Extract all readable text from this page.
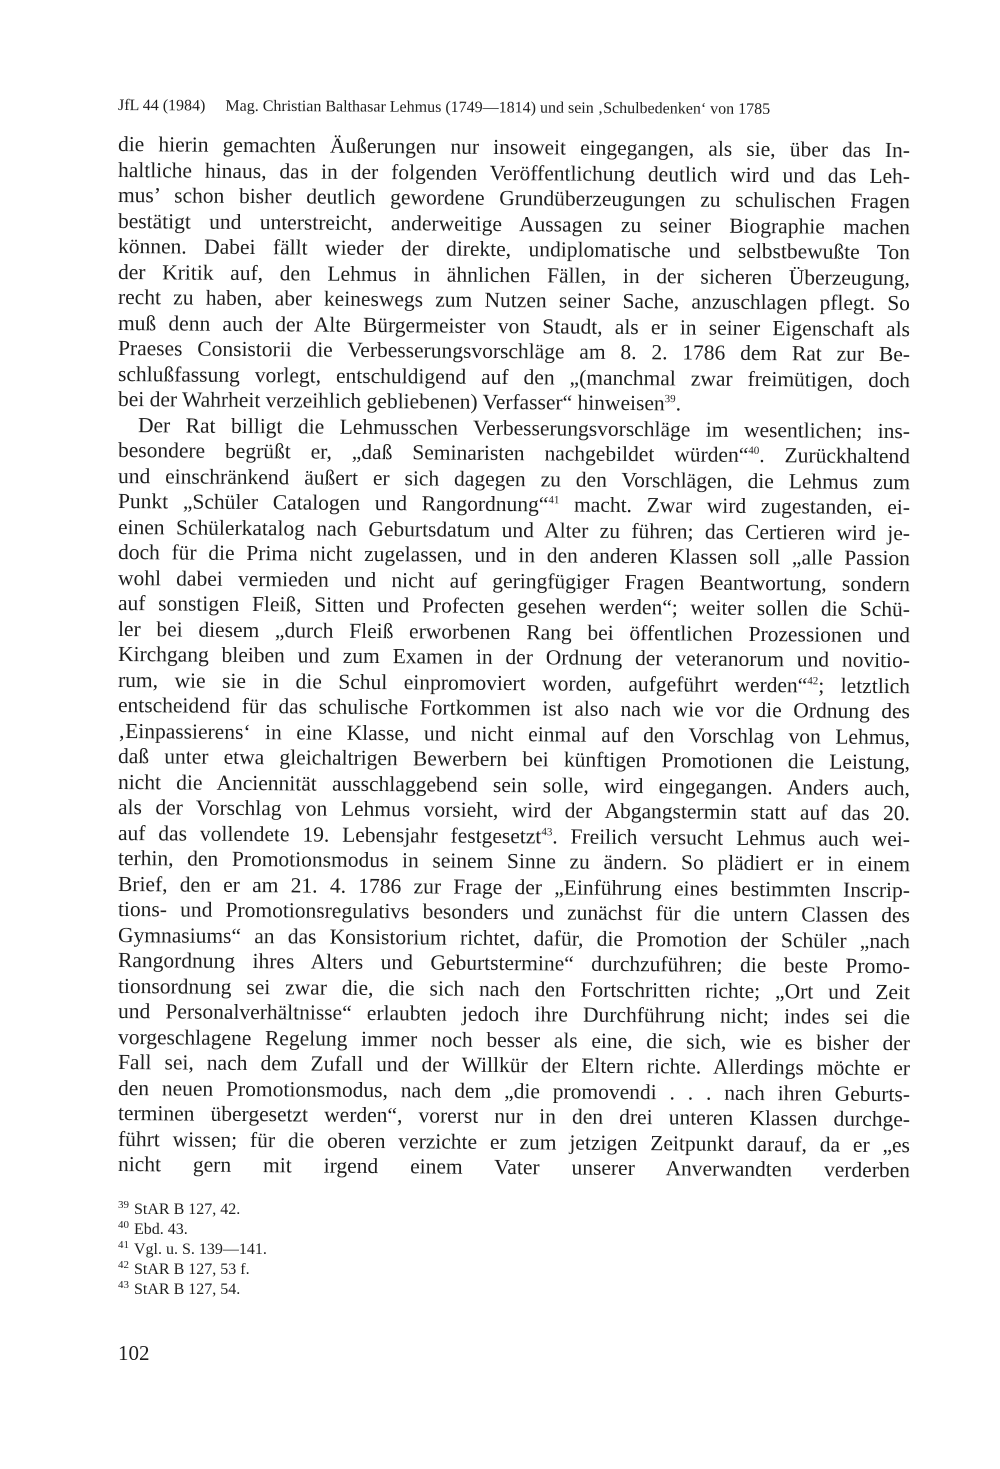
JfL 44 (1984) Mag. Christian Balthasar Lehmus (1749—1814) und sein ‚Schulbedenken‘ von 1785
die hierin gemachten Äußerungen nur insoweit eingegangen, als sie, über das In-
haltliche hinaus, das in der folgenden Veröffentlichung deutlich wird und das Leh-
mus’ schon bisher deutlich gewordene Grundüberzeugungen zu schulischen Fragen
bestätigt und unterstreicht, anderweitige Aussagen zu seiner Biographie machen
können. Dabei fällt wieder der direkte, undiplomatische und selbstbewußte Ton
der Kritik auf, den Lehmus in ähnlichen Fällen, in der sicheren Überzeugung,
recht zu haben, aber keineswegs zum Nutzen seiner Sache, anzuschlagen pflegt. So
muß denn auch der Alte Bürgermeister von Staudt, als er in seiner Eigenschaft als
Praeses Consistorii die Verbesserungsvorschläge am 8. 2. 1786 dem Rat zur Be-
schlußfassung vorlegt, entschuldigend auf den „(manchmal zwar freimütigen, doch
bei der Wahrheit verzeihlich gebliebenen) Verfasser“ hinweisen$^{39}$.
Der Rat billigt die Lehmusschen Verbesserungsvorschläge im wesentlichen; ins-
besondere begrüßt er, „daß Seminaristen nachgebildet würden“$^{40}$. Zurückhaltend
und einschränkend äußert er sich dagegen zu den Vorschlägen, die Lehmus zum
Punkt „Schüler Catalogen und Rangordnung“$^{41}$ macht. Zwar wird zugestanden, ei-
einen Schülerkatalog nach Geburtsdatum und Alter zu führen; das Certieren wird je-
doch für die Prima nicht zugelassen, und in den anderen Klassen soll „alle Passion
wohl dabei vermieden und nicht auf geringfügiger Fragen Beantwortung, sondern
auf sonstigen Fleiß, Sitten und Profecten gesehen werden“; weiter sollen die Schü-
ler bei diesem „durch Fleiß erworbenen Rang bei öffentlichen Prozessionen und
Kirchgang bleiben und zum Examen in der Ordnung der veteranorum und novitio-
rum, wie sie in die Schul einpromoviert worden, aufgeführt werden“$^{42}$; letztlich
entscheidend für das schulische Fortkommen ist also nach wie vor die Ordnung des
‚Einpassierens‘ in eine Klasse, und nicht einmal auf den Vorschlag von Lehmus,
daß unter etwa gleichaltrigen Bewerbern bei künftigen Promotionen die Leistung,
nicht die Anciennität ausschlaggebend sein solle, wird eingegangen. Anders auch,
als der Vorschlag von Lehmus vorsieht, wird der Abgangstermin statt auf das 20.
auf das vollendete 19. Lebensjahr festgesetzt$^{43}$. Freilich versucht Lehmus auch wei-
terhin, den Promotionsmodus in seinem Sinne zu ändern. So plädiert er in einem
Brief, den er am 21. 4. 1786 zur Frage der „Einführung eines bestimmten Inscrip-
tions- und Promotionsregulativs besonders und zunächst für die untern Classen des
Gymnasiums“ an das Konsistorium richtet, dafür, die Promotion der Schüler „nach
Rangordnung ihres Alters und Geburtstermine“ durchzuführen; die beste Promo-
tionsordnung sei zwar die, die sich nach den Fortschritten richte; „Ort und Zeit
und Personalverhältnisse“ erlaubten jedoch ihre Durchführung nicht; indes sei die
vorgeschlagene Regelung immer noch besser als eine, die sich, wie es bisher der
Fall sei, nach dem Zufall und der Willkür der Eltern richte. Allerdings möchte er
den neuen Promotionsmodus, nach dem „die promovendi . . . nach ihren Geburts-
terminen übergesetzt werden“, vorerst nur in den drei unteren Klassen durchge-
führt wissen; für die oberen verzichte er zum jetzigen Zeitpunkt darauf, da er „es
nicht gern mit irgend einem Vater unserer Anverwandten verderben
$^{39}$ StAR B 127, 42.
$^{40}$ Ebd. 43.
$^{41}$ Vgl. u. S. 139—141.
$^{42}$ StAR B 127, 53 f.
$^{43}$ StAR B 127, 54.
102
